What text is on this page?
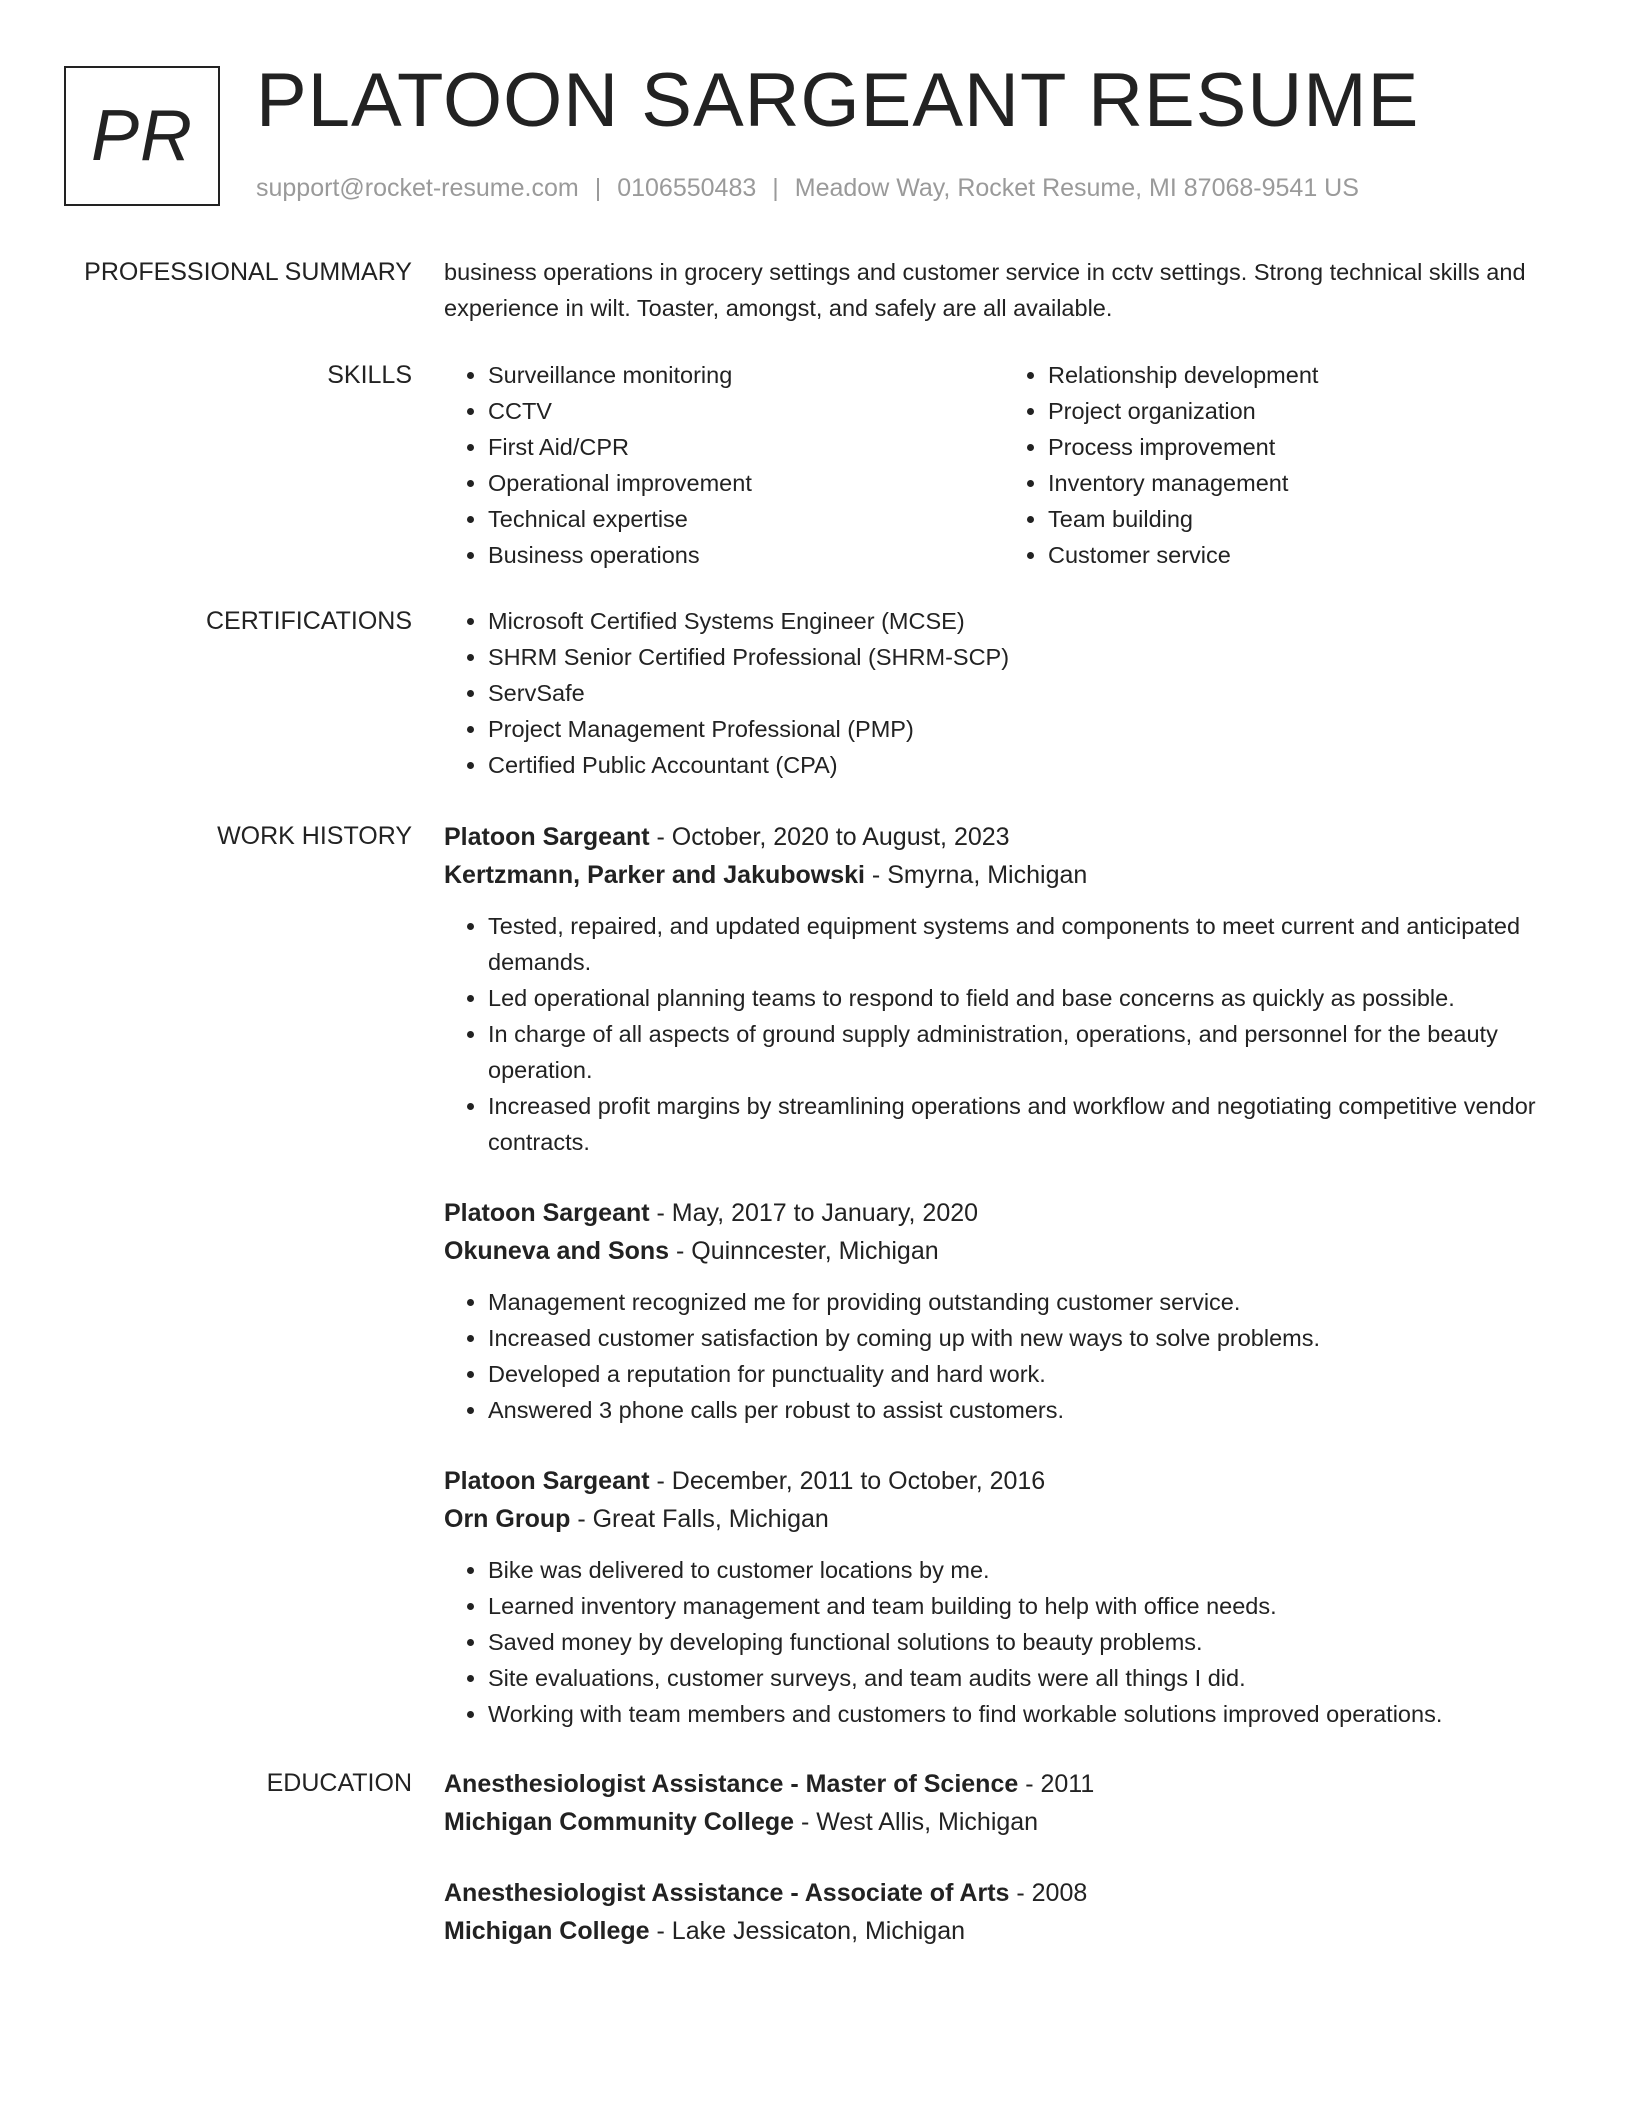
PR PLATOON SARGEANT RESUME
support@rocket-resume.com | 0106550483 | Meadow Way, Rocket Resume, MI 87068-9541 US
PROFESSIONAL SUMMARY business operations in grocery settings and customer service in cctv settings. Strong technical skills and experience in wilt. Toaster, amongst, and safely are all available.
SKILLS	• Surveillance monitoring
• CCTV
• First Aid/CPR
• Operational improvement
• Technical expertise
• Business operations
• Relationship development
• Project organization
• Process improvement
• Inventory management
• Team building
• Customer service
CERTIFICATIONS	• Microsoft Certified Systems Engineer (MCSE)
• SHRM Senior Certified Professional (SHRM-SCP)
• ServSafe
• Project Management Professional (PMP)
• Certified Public Accountant (CPA)
WORK HISTORY Platoon Sargeant - October, 2020 to August, 2023
Kertzmann, Parker and Jakubowski - Smyrna, Michigan
• Tested, repaired, and updated equipment systems and components to meet current and anticipated demands.
• Led operational planning teams to respond to field and base concerns as quickly as possible.
• In charge of all aspects of ground supply administration, operations, and personnel for the beauty operation.
• Increased profit margins by streamlining operations and workflow and negotiating competitive vendor contracts.
Platoon Sargeant - May, 2017 to January, 2020
Okuneva and Sons - Quinncester, Michigan
• Management recognized me for providing outstanding customer service.
• Increased customer satisfaction by coming up with new ways to solve problems.
• Developed a reputation for punctuality and hard work.
• Answered 3 phone calls per robust to assist customers.
Platoon Sargeant - December, 2011 to October, 2016
Orn Group - Great Falls, Michigan
• Bike was delivered to customer locations by me.
• Learned inventory management and team building to help with office needs.
• Saved money by developing functional solutions to beauty problems.
• Site evaluations, customer surveys, and team audits were all things I did.
• Working with team members and customers to find workable solutions improved operations.
EDUCATION Anesthesiologist Assistance - Master of Science - 2011
Michigan Community College - West Allis, Michigan
Anesthesiologist Assistance - Associate of Arts - 2008
Michigan College - Lake Jessicaton, Michigan
